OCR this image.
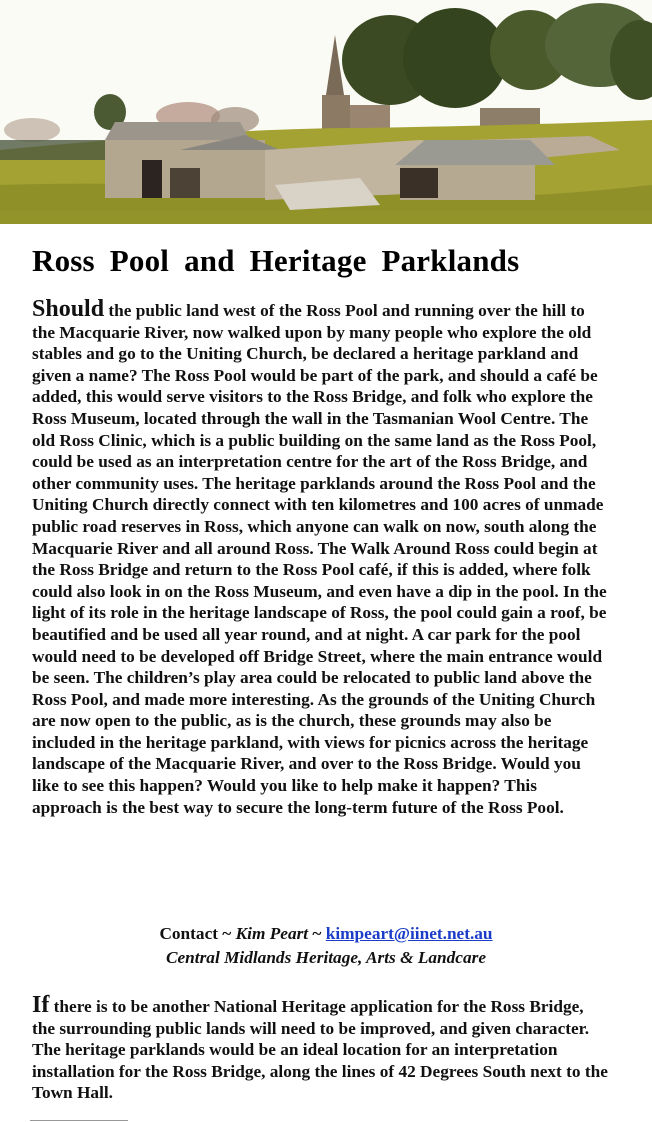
Ross Pool and Heritage Parklands

Should the public land west of the Ross Pool and running over the hill to the Macquarie River, now walked upon by many people who explore the old stables and go to the Uniting Church, be declared a heritage parkland and given a name? The Ross Pool would be part of the park, and should a café be added, this would serve visitors to the Ross Bridge, and folk who explore the Ross Museum, located through the wall in the Tasmanian Wool Centre. The old Ross Clinic, which is a public building on the same land as the Ross Pool, could be used as an interpretation centre for the art of the Ross Bridge, and other community uses. The heritage parklands around the Ross Pool and the Uniting Church directly connect with ten kilometres and 100 acres of unmade public road reserves in Ross, which anyone can walk on now, south along the Macquarie River and all around Ross. The Walk Around Ross could begin at the Ross Bridge and return to the Ross Pool café, if this is added, where folk could also look in on the Ross Museum, and even have a dip in the pool. In the light of its role in the heritage landscape of Ross, the pool could gain a roof, be beautified and be used all year round, and at night. A car park for the pool would need to be developed off Bridge Street, where the main entrance would be seen. The children’s play area could be relocated to public land above the Ross Pool, and made more interesting. As the grounds of the Uniting Church are now open to the public, as is the church, these grounds may also be included in the heritage parkland, with views for picnics across the heritage landscape of the Macquarie River, and over to the Ross Bridge. Would you like to see this happen? Would you like to help make it happen? This approach is the best way to secure the long-term future of the Ross Pool.

Contact ~ Kim Peart ~ kimpeart@iinet.net.au
Central Midlands Heritage, Arts & Landcare

If there is to be another National Heritage application for the Ross Bridge, the surrounding public lands will need to be improved, and given character. The heritage parklands would be an ideal location for an interpretation installation for the Ross Bridge, along the lines of 42 Degrees South next to the Town Hall.
